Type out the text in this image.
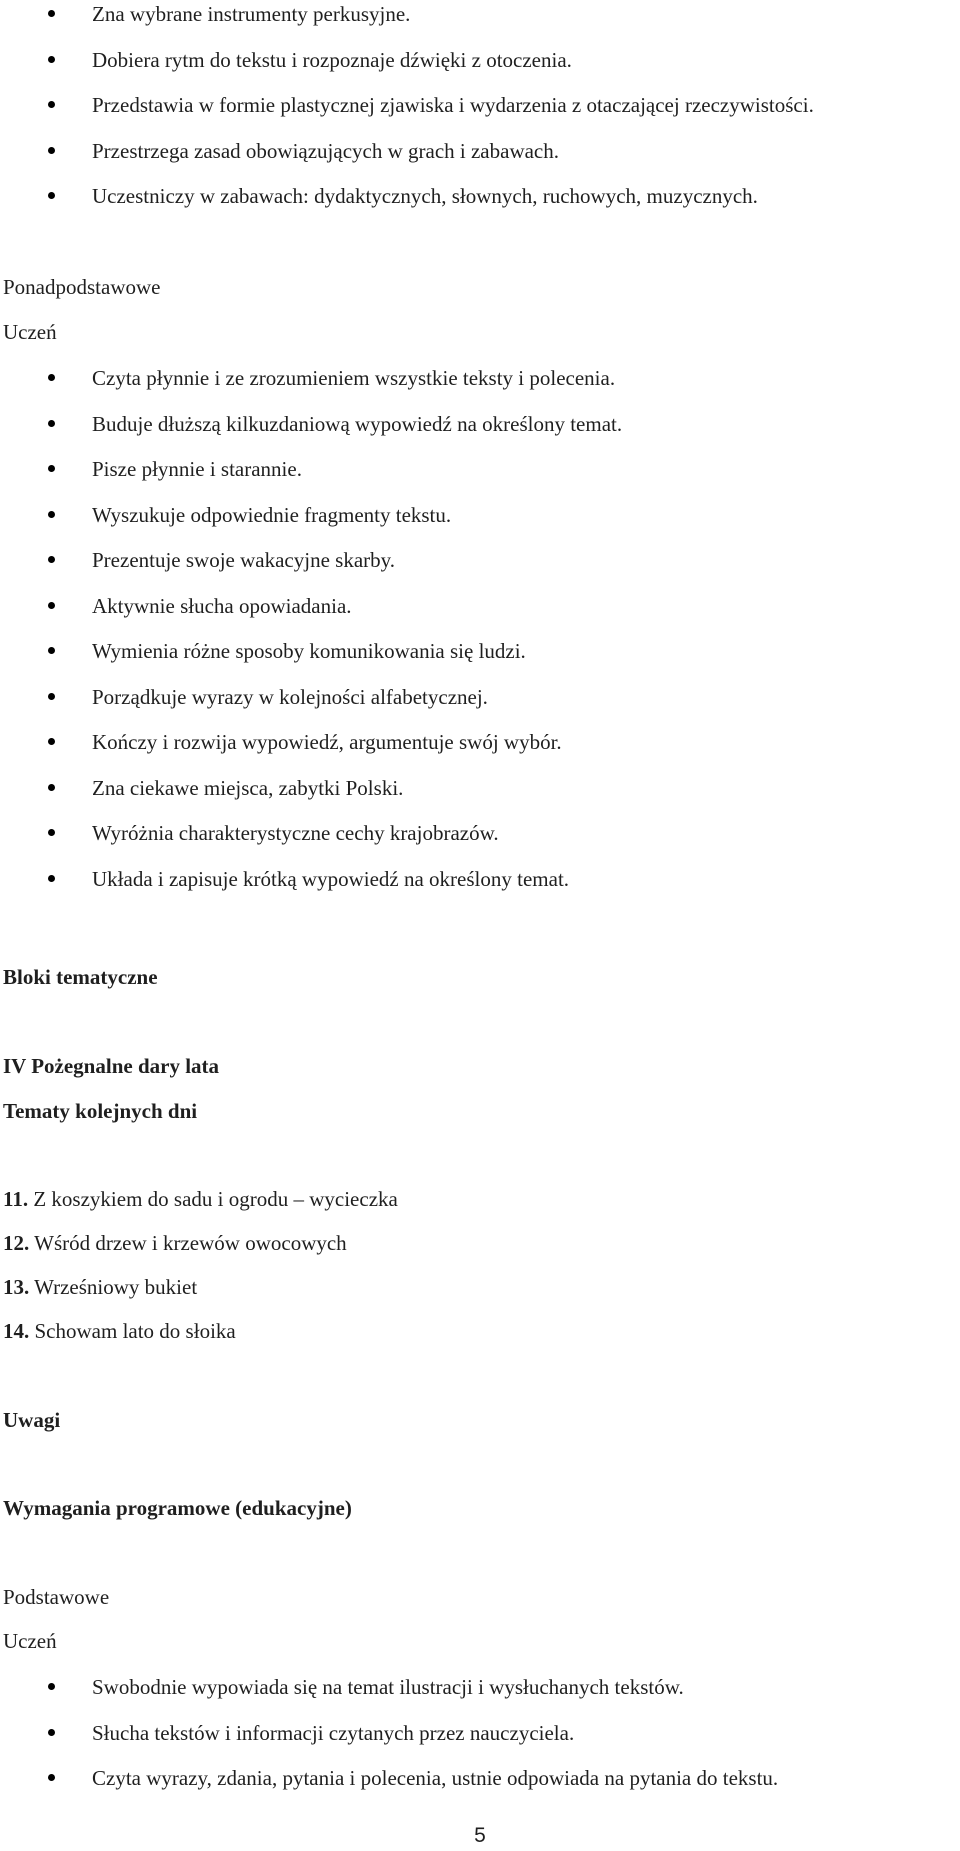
Zna wybrane instrumenty perkusyjne.
Dobiera rytm do tekstu i rozpoznaje dźwięki z otoczenia.
Przedstawia w formie plastycznej zjawiska i wydarzenia z otaczającej rzeczywistości.
Przestrzega zasad obowiązujących w grach i zabawach.
Uczestniczy w zabawach: dydaktycznych, słownych, ruchowych, muzycznych.
Ponadpodstawowe
Uczeń
Czyta płynnie i ze zrozumieniem wszystkie teksty i polecenia.
Buduje dłuższą kilkuzdaniową wypowiedź na określony temat.
Pisze płynnie i starannie.
Wyszukuje odpowiednie fragmenty tekstu.
Prezentuje swoje wakacyjne skarby.
Aktywnie słucha opowiadania.
Wymienia różne sposoby komunikowania się ludzi.
Porządkuje wyrazy w kolejności alfabetycznej.
Kończy i rozwija wypowiedź, argumentuje swój wybór.
Zna ciekawe miejsca, zabytki Polski.
Wyróżnia charakterystyczne cechy krajobrazów.
Układa i zapisuje krótką wypowiedź na określony temat.
Bloki tematyczne
IV Pożegnalne dary lata
Tematy kolejnych dni
11. Z koszykiem do sadu i ogrodu – wycieczka
12. Wśród drzew i krzewów owocowych
13. Wrześniowy bukiet
14. Schowam lato do słoika
Uwagi
Wymagania programowe (edukacyjne)
Podstawowe
Uczeń
Swobodnie wypowiada się na temat ilustracji i wysłuchanych tekstów.
Słucha tekstów i informacji czytanych przez nauczyciela.
Czyta wyrazy, zdania, pytania i polecenia, ustnie odpowiada na pytania do tekstu.
5
